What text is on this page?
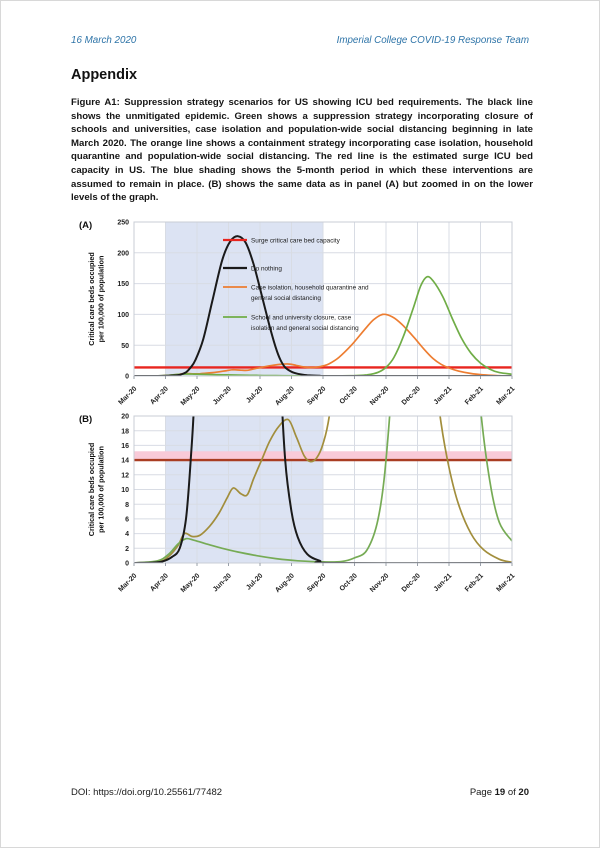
16 March 2020	Imperial College COVID-19 Response Team
Appendix
Figure A1: Suppression strategy scenarios for US showing ICU bed requirements. The black line shows the unmitigated epidemic. Green shows a suppression strategy incorporating closure of schools and universities, case isolation and population-wide social distancing beginning in late March 2020. The orange line shows a containment strategy incorporating case isolation, household quarantine and population-wide social distancing. The red line is the estimated surge ICU bed capacity in US. The blue shading shows the 5-month period in which these interventions are assumed to remain in place. (B) shows the same data as in panel (A) but zoomed in on the lower levels of the graph.
Mar-20 Apr-20 May-20 Jun-20 Jul-20 Aug-20 Sep-20 Oct-20 Nov-20 Dec-20 Jan-21 Feb-21 Mar-21
0
50
100
150
200
250
(A)
Critical care beds occupied per 100,000 of population
Surge critical care bed capacity
Do nothing
Case isolation, household quarantine and
general social distancing
School and university closure, case
isolation and general social distancing
Mar-20 Apr-20 May-20 Jun-20 Jul-20 Aug-20 Sep-20 Oct-20 Nov-20 Dec-20 Jan-21 Feb-21 Mar-21
0
2
4
6
8
10
12
14
16
18
20
(B)
Critical care beds occupied per 100,000 of population
DOI: https://doi.org/10.25561/77482	Page 19 of 20
